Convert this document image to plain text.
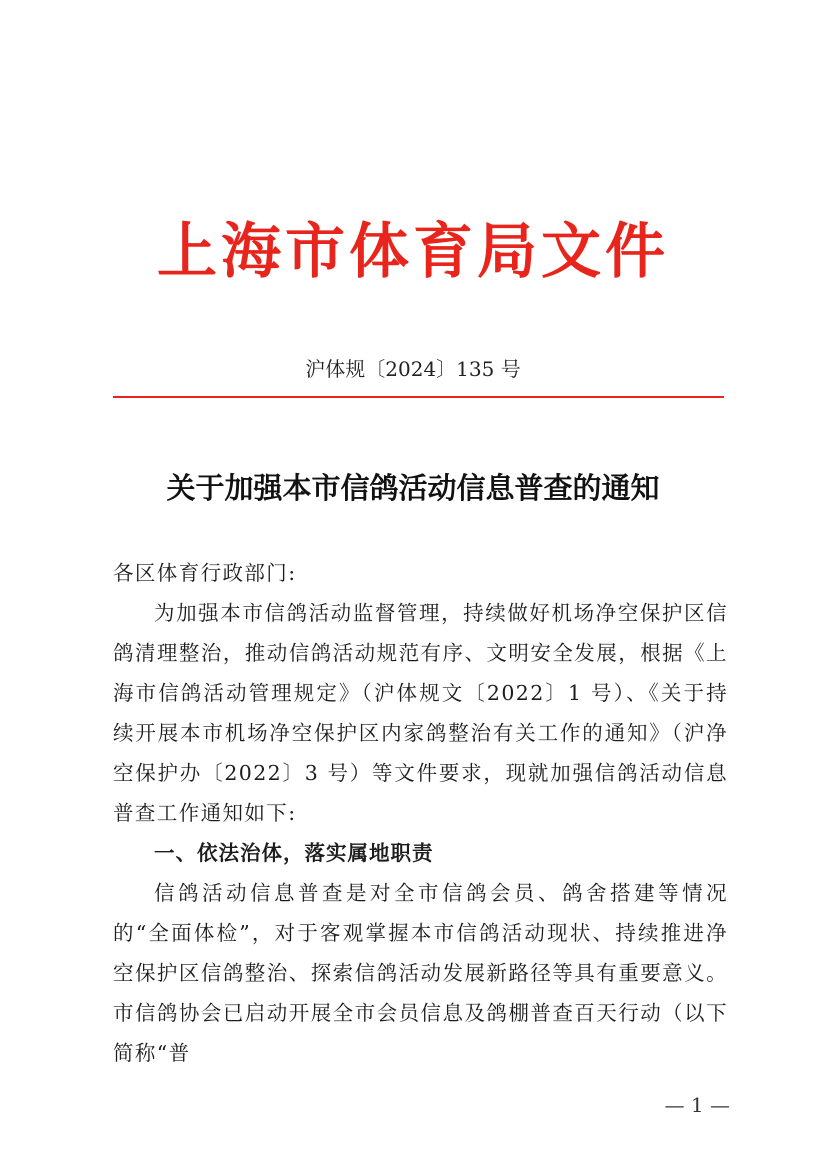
上海市体育局文件
沪体规〔2024〕135 号
关于加强本市信鸽活动信息普查的通知

各区体育行政部门:

为加强本市信鸽活动监督管理，持续做好机场净空保护区信鸽清理整治，推动信鸽活动规范有序、文明安全发展，根据《上海市信鸽活动管理规定》（沪体规文〔2022〕1 号）、《关于持续开展本市机场净空保护区内家鸽整治有关工作的通知》（沪净空保护办〔2022〕3 号）等文件要求，现就加强信鸽活动信息普查工作通知如下:

一、依法治体，落实属地职责

信鸽活动信息普查是对全市信鸽会员、鸽舍搭建等情况的“全面体检”，对于客观掌握本市信鸽活动现状、持续推进净空保护区信鸽整治、探索信鸽活动发展新路径等具有重要意义。市信鸽协会已启动开展全市会员信息及鸽棚普查百天行动（以下简称“普

— 1 —
